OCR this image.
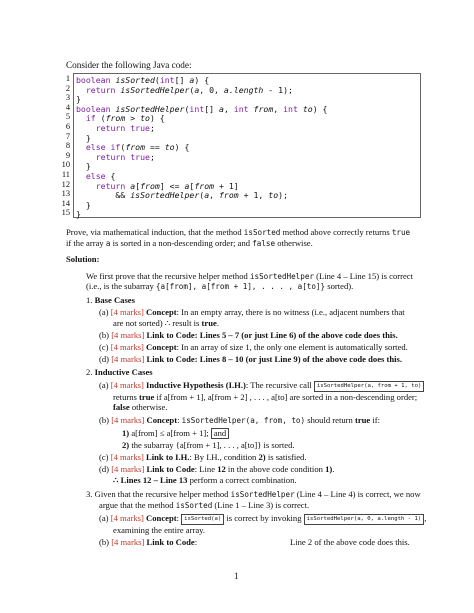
Consider the following Java code:
1
2
3
4
5
6
7
8
9
10
11
12
13
14
15
boolean isSorted(int[] a) {
return isSortedHelper(a, 0, a.length - 1);
}
boolean isSortedHelper(int[] a, int from, int to) {
if (from > to) {
return true;
}
else if(from == to) {
return true;
}
else {
return a[from] <= a[from + 1]
&& isSortedHelper(a, from + 1, to);
}
}
Prove, via mathematical induction, that the method isSorted method above correctly returns true
if the array a is sorted in a non-descending order; and false otherwise.
Solution:
We first prove that the recursive helper method isSortedHelper (Line 4 – Line 15) is correct
(i.e., is the subarray {a[from], a[from + 1], . . . , a[to]} sorted).
1. Base Cases
(a) [4 marks] Concept: In an empty array, there is no witness (i.e., adjacent numbers that
are not sorted) ∴ result is true.
(b) [4 marks] Link to Code: Lines 5 – 7 (or just Line 6) of the above code does this.
(c) [4 marks] Concept: In an array of size 1, the only one element is automatically sorted.
(d) [4 marks] Link to Code: Lines 8 – 10 (or just Line 9) of the above code does this.
2. Inductive Cases
(a) [4 marks] Inductive Hypothesis (I.H.): The recursive call isSortedHelper(a, from + 1, to)
returns true if a[from + 1], a[from + 2] , . . . , a[to] are sorted in a non-descending order;
false otherwise.
(b) [4 marks] Concept: isSortedHelper(a, from, to) should return true if:
1) a[from] ≤ a[from + 1]; and
2) the subarray {a[from + 1], . . . , a[to]} is sorted.
(c) [4 marks] Link to I.H.: By I.H., condition 2) is satisfied.
(d) [4 marks] Link to Code: Line 12 in the above code condition 1).
∴ Lines 12 – Line 13 perform a correct combination.
3. Given that the recursive helper method isSortedHelper (Line 4 – Line 4) is correct, we now
argue that the method isSorted (Line 1 – Line 3) is correct.
(a) [4 marks] Concept: isSorted(a) is correct by invoking isSortedHelper(a, 0, a.length - 1) ,
examining the entire array.
(b) [4 marks] Link to Code:	Line 2 of the above code does this.
1
